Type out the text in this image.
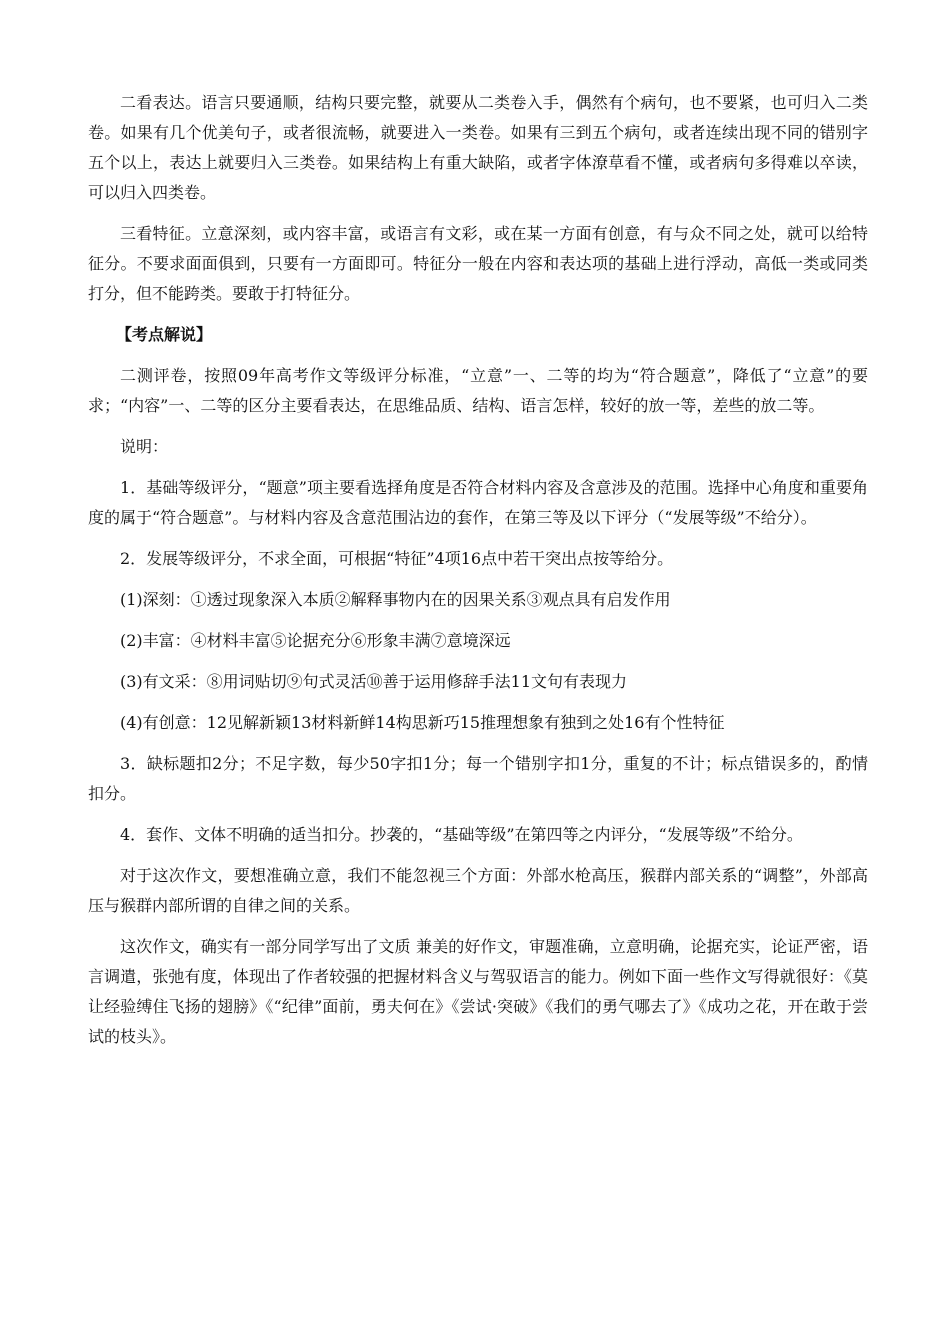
二看表达。语言只要通顺，结构只要完整，就要从二类卷入手，偶然有个病句，也不要紧，也可归入二类卷。如果有几个优美句子，或者很流畅，就要进入一类卷。如果有三到五个病句，或者连续出现不同的错别字五个以上，表达上就要归入三类卷。如果结构上有重大缺陷，或者字体潦草看不懂，或者病句多得难以卒读，可以归入四类卷。

三看特征。立意深刻，或内容丰富，或语言有文彩，或在某一方面有创意，有与众不同之处，就可以给特征分。不要求面面俱到，只要有一方面即可。特征分一般在内容和表达项的基础上进行浮动，高低一类或同类打分，但不能跨类。要敢于打特征分。

【考点解说】

二测评卷，按照09年高考作文等级评分标准，“立意”一、二等的均为“符合题意”，降低了“立意”的要求；“内容”一、二等的区分主要看表达，在思维品质、结构、语言怎样，较好的放一等，差些的放二等。

说明：

1．基础等级评分，“题意”项主要看选择角度是否符合材料内容及含意涉及的范围。选择中心角度和重要角度的属于“符合题意”。与材料内容及含意范围沾边的套作，在第三等及以下评分（“发展等级”不给分）。

2．发展等级评分，不求全面，可根据“特征”4项16点中若干突出点按等给分。

(1)深刻：①透过现象深入本质②解释事物内在的因果关系③观点具有启发作用

(2)丰富：④材料丰富⑤论据充分⑥形象丰满⑦意境深远

(3)有文采：⑧用词贴切⑨句式灵活⑩善于运用修辞手法11文句有表现力

(4)有创意：12见解新颖13材料新鲜14构思新巧15推理想象有独到之处16有个性特征

3．缺标题扣2分；不足字数，每少50字扣1分；每一个错别字扣1分，重复的不计；标点错误多的，酌情扣分。

4．套作、文体不明确的适当扣分。抄袭的，“基础等级”在第四等之内评分，“发展等级”不给分。

对于这次作文，要想准确立意，我们不能忽视三个方面：外部水枪高压，猴群内部关系的“调整”，外部高压与猴群内部所谓的自律之间的关系。

这次作文，确实有一部分同学写出了文质 兼美的好作文，审题准确，立意明确，论据充实，论证严密，语言调遣，张弛有度，体现出了作者较强的把握材料含义与驾驭语言的能力。例如下面一些作文写得就很好：《莫让经验缚住飞扬的翅膀》《“纪律”面前，勇夫何在》《尝试·突破》《我们的勇气哪去了》《成功之花，开在敢于尝试的枝头》。
